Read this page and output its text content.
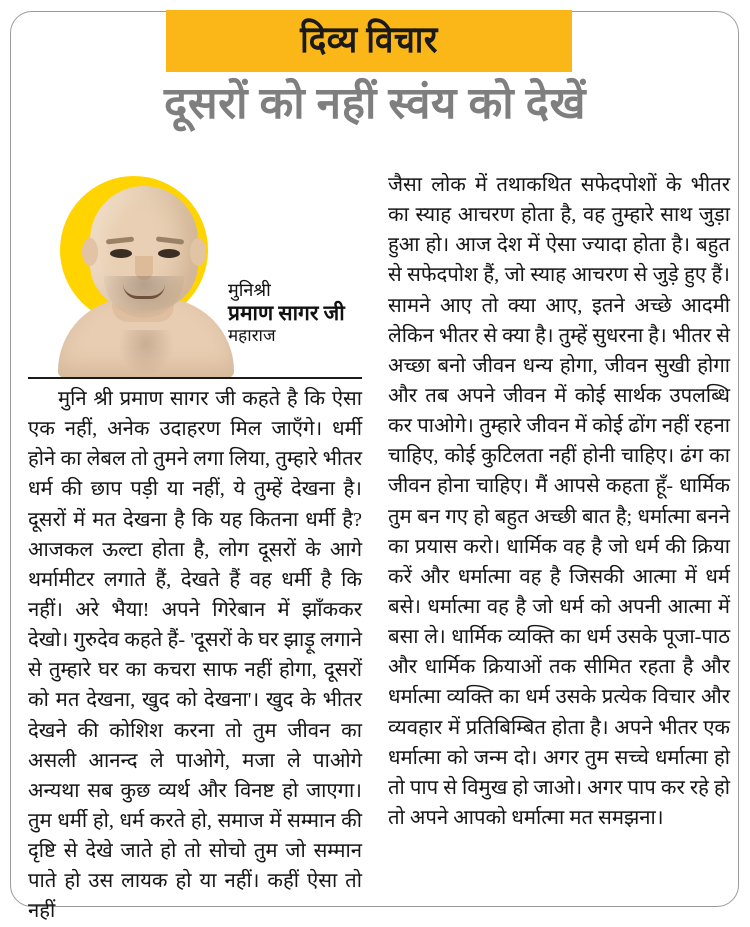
दिव्य विचार
दूसरों को नहीं स्वंय को देखें
मुनिश्री
प्रमाण सागर जी
महाराज
मुनि श्री प्रमाण सागर जी कहते है कि ऐसा एक नहीं, अनेक उदाहरण मिल जाएँगे। धर्मी होने का लेबल तो तुमने लगा लिया, तुम्हारे भीतर धर्म की छाप पड़ी या नहीं, ये तुम्हें देखना है। दूसरों में मत देखना है कि यह कितना धर्मी है? आजकल ऊल्टा होता है, लोग दूसरों के आगे थर्मामीटर लगाते हैं, देखते हैं वह धर्मी है कि नहीं। अरे भैया! अपने गिरेबान में झाँककर देखो। गुरुदेव कहते हैं- 'दूसरों के घर झाड़ू लगाने से तुम्हारे घर का कचरा साफ नहीं होगा, दूसरों को मत देखना, खुद को देखना'। खुद के भीतर देखने की कोशिश करना तो तुम जीवन का असली आनन्द ले पाओगे, मजा ले पाओगे अन्यथा सब कुछ व्यर्थ और विनष्ट हो जाएगा। तुम धर्मी हो, धर्म करते हो, समाज में सम्मान की दृष्टि से देखे जाते हो तो सोचो तुम जो सम्मान पाते हो उस लायक हो या नहीं। कहीं ऐसा तो नहीं
जैसा लोक में तथाकथित सफेदपोशों के भीतर का स्याह आचरण होता है, वह तुम्हारे साथ जुड़ा हुआ हो। आज देश में ऐसा ज्यादा होता है। बहुत से सफेदपोश हैं, जो स्याह आचरण से जुड़े हुए हैं। सामने आए तो क्या आए, इतने अच्छे आदमी लेकिन भीतर से क्या है। तुम्हें सुधरना है। भीतर से अच्छा बनो जीवन धन्य होगा, जीवन सुखी होगा और तब अपने जीवन में कोई सार्थक उपलब्धि कर पाओगे। तुम्हारे जीवन में कोई ढोंग नहीं रहना चाहिए, कोई कुटिलता नहीं होनी चाहिए। ढंग का जीवन होना चाहिए। मैं आपसे कहता हूँ- धार्मिक तुम बन गए हो बहुत अच्छी बात है; धर्मात्मा बनने का प्रयास करो। धार्मिक वह है जो धर्म की क्रिया करें और धर्मात्मा वह है जिसकी आत्मा में धर्म बसे। धर्मात्मा वह है जो धर्म को अपनी आत्मा में बसा ले। धार्मिक व्यक्ति का धर्म उसके पूजा-पाठ और धार्मिक क्रियाओं तक सीमित रहता है और धर्मात्मा व्यक्ति का धर्म उसके प्रत्येक विचार और व्यवहार में प्रतिबिम्बित होता है। अपने भीतर एक धर्मात्मा को जन्म दो। अगर तुम सच्चे धर्मात्मा हो तो पाप से विमुख हो जाओ। अगर पाप कर रहे हो तो अपने आपको धर्मात्मा मत समझना।
